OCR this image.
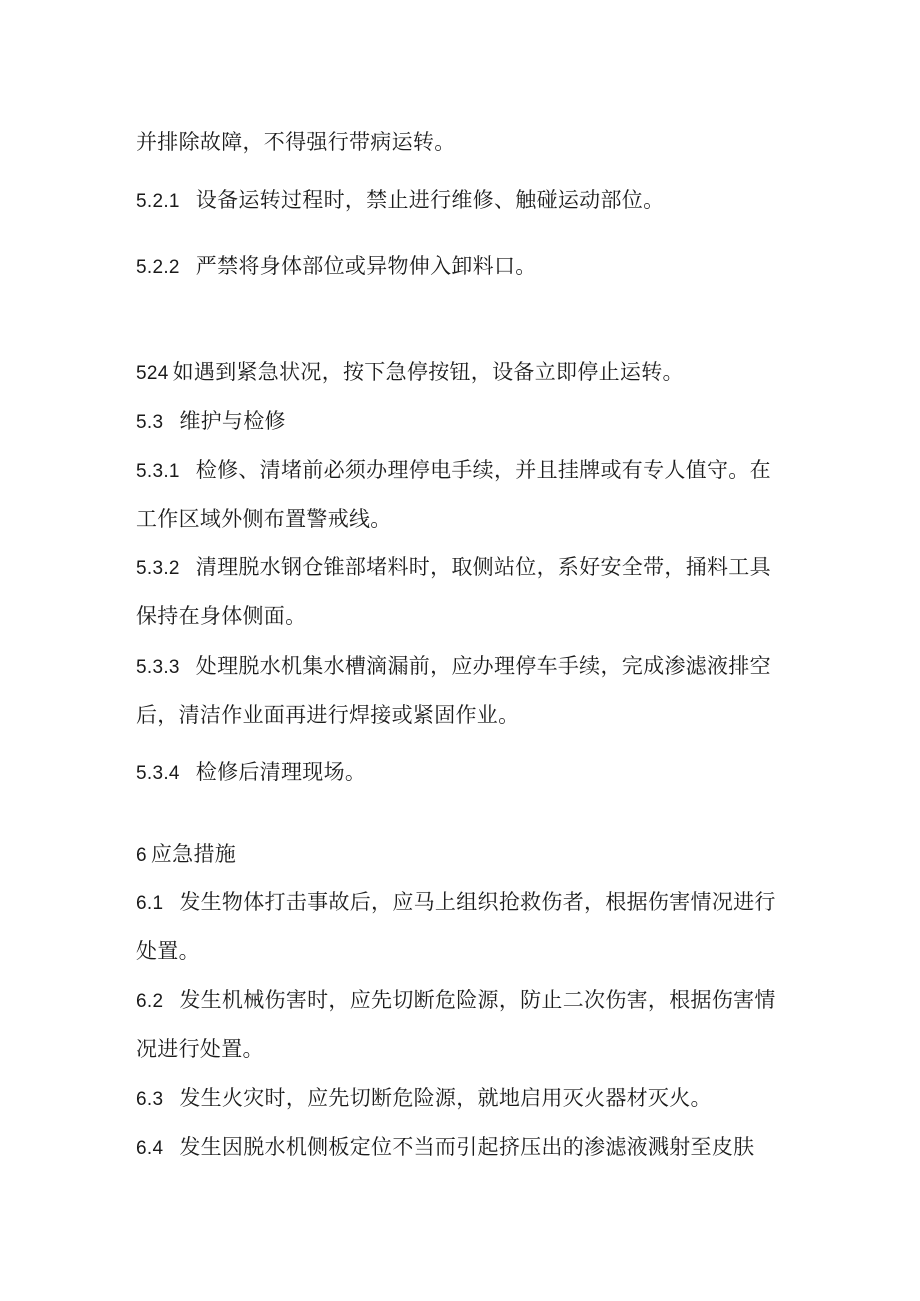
并排除故障，不得强行带病运转。
5.2.1 设备运转过程时，禁止进行维修、触碰运动部位。
5.2.2 严禁将身体部位或异物伸入卸料口。
524 如遇到紧急状况，按下急停按钮，设备立即停止运转。
5.3 维护与检修
5.3.1 检修、清堵前必须办理停电手续，并且挂牌或有专人值守。在
工作区域外侧布置警戒线。
5.3.2 清理脱水钢仓锥部堵料时，取侧站位，系好安全带，捅料工具
保持在身体侧面。
5.3.3 处理脱水机集水槽滴漏前，应办理停车手续，完成渗滤液排空
后，清洁作业面再进行焊接或紧固作业。
5.3.4 检修后清理现场。
6 应急措施
6.1 发生物体打击事故后，应马上组织抢救伤者，根据伤害情况进行
处置。
6.2 发生机械伤害时，应先切断危险源，防止二次伤害，根据伤害情
况进行处置。
6.3 发生火灾时，应先切断危险源，就地启用灭火器材灭火。
6.4 发生因脱水机侧板定位不当而引起挤压出的渗滤液溅射至皮肤
